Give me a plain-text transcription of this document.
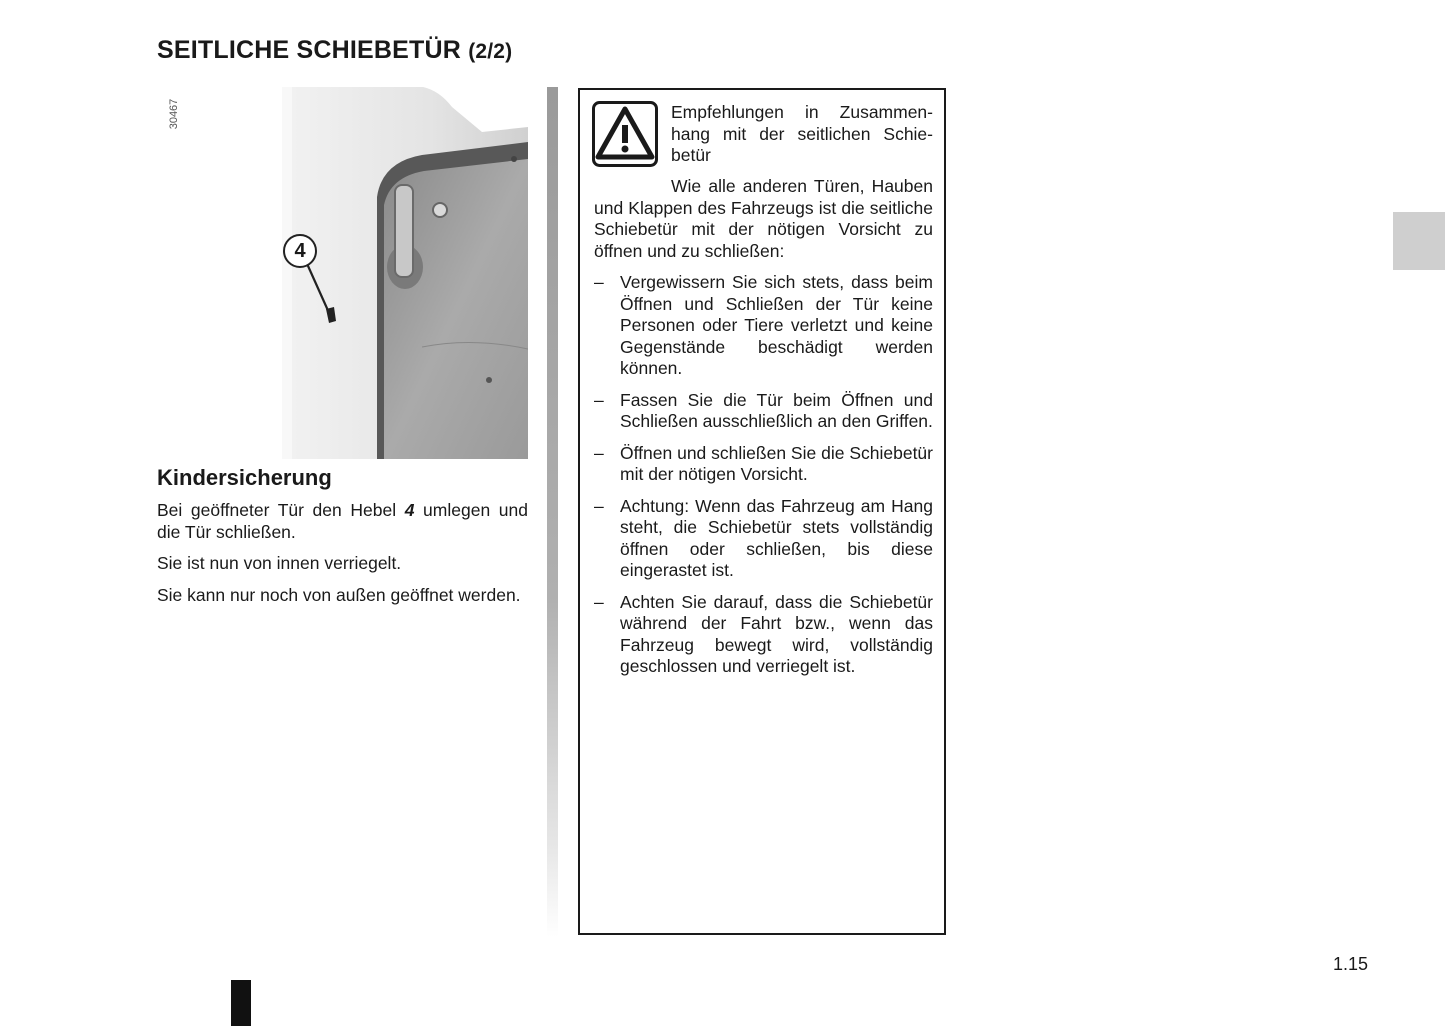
SEITLICHE SCHIEBETÜR (2/2)
30467
4
Kindersicherung

Bei geöffneter Tür den Hebel 4 umlegen und die Tür schließen.

Sie ist nun von innen verriegelt.

Sie kann nur noch von außen geöffnet werden.

Empfehlungen in Zusammenhang mit der seitlichen Schiebetür

Wie alle anderen Türen, Hauben und Klappen des Fahrzeugs ist die seitliche Schiebetür mit der nötigen Vorsicht zu öffnen und zu schließen:

– Vergewissern Sie sich stets, dass beim Öffnen und Schließen der Tür keine Personen oder Tiere verletzt und keine Gegenstände beschädigt werden können.
– Fassen Sie die Tür beim Öffnen und Schließen ausschließlich an den Griffen.
– Öffnen und schließen Sie die Schiebetür mit der nötigen Vorsicht.
– Achtung: Wenn das Fahrzeug am Hang steht, die Schiebetür stets vollständig öffnen oder schließen, bis diese eingerastet ist.
– Achten Sie darauf, dass die Schiebetür während der Fahrt bzw., wenn das Fahrzeug bewegt wird, vollständig geschlossen und verriegelt ist.
1.15
